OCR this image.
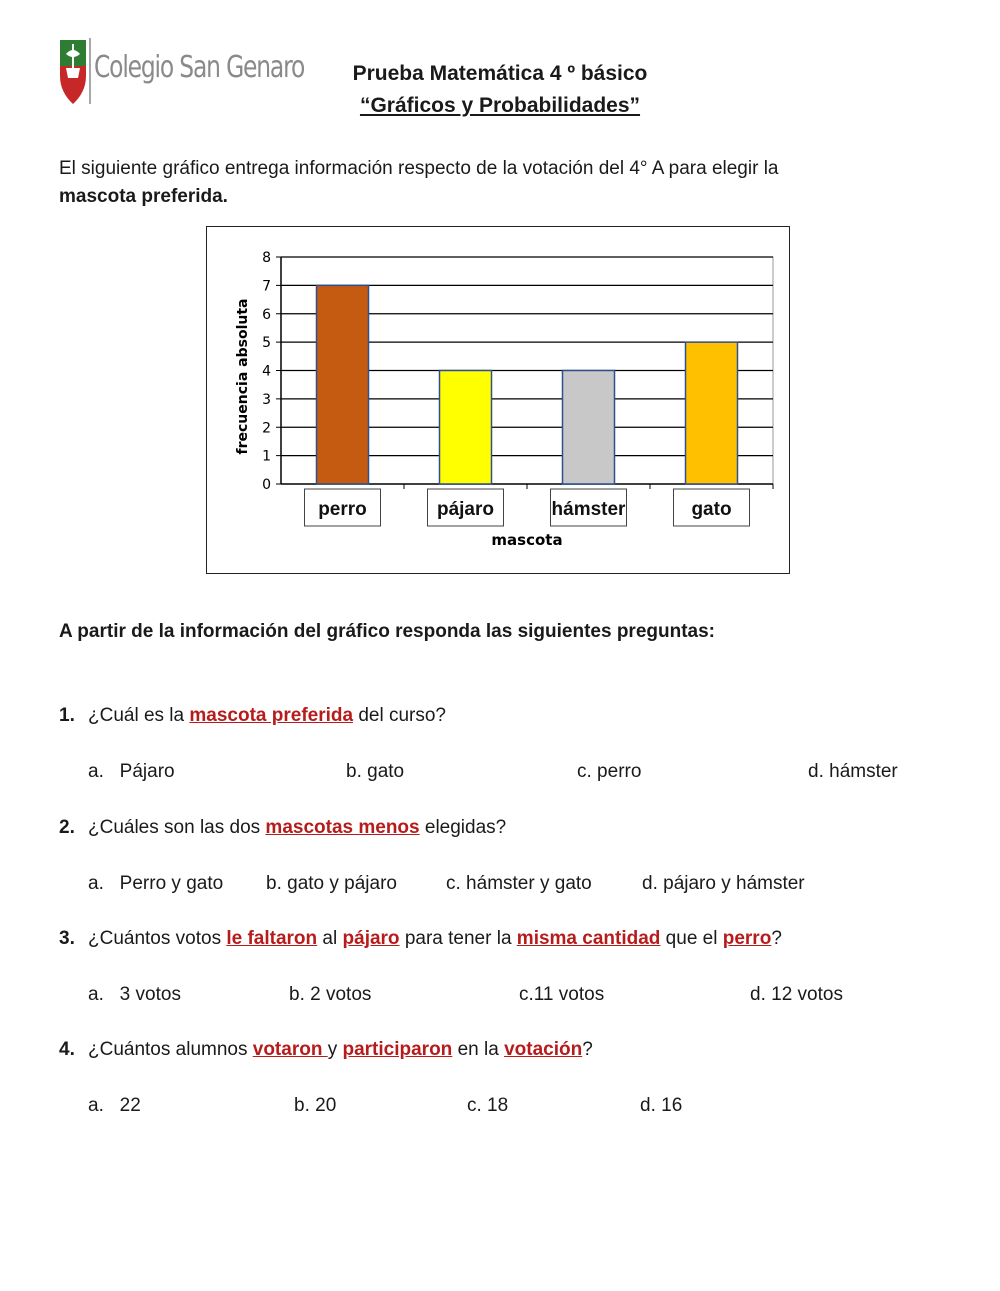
Colegio San Genaro	Prueba Matemática 4 º básico
“Gráficos y Probabilidades”
El siguiente gráfico entrega información respecto de la votación del 4° A para elegir la
mascota preferida.
0
1
2
3
4
5
6
7
8
perro	pájaro	hámster	gato
mascota
frecuencia absoluta
A partir de la información del gráfico responda las siguientes preguntas:
1. ¿Cuál es la mascota preferida del curso?
a.   Pájaro	b. gato	c. perro	d. hámster
2. ¿Cuáles son las dos mascotas menos elegidas?
a.   Perro y gato b. gato y pájaro	c. hámster y gato	d. pájaro y hámster
3. ¿Cuántos votos le faltaron al pájaro para tener la misma cantidad que el perro?
a.   3 votos	b. 2 votos	c.11 votos	d. 12 votos
4. ¿Cuántos alumnos votaron y participaron en la votación?
a.   22	b. 20	c. 18	d. 16
